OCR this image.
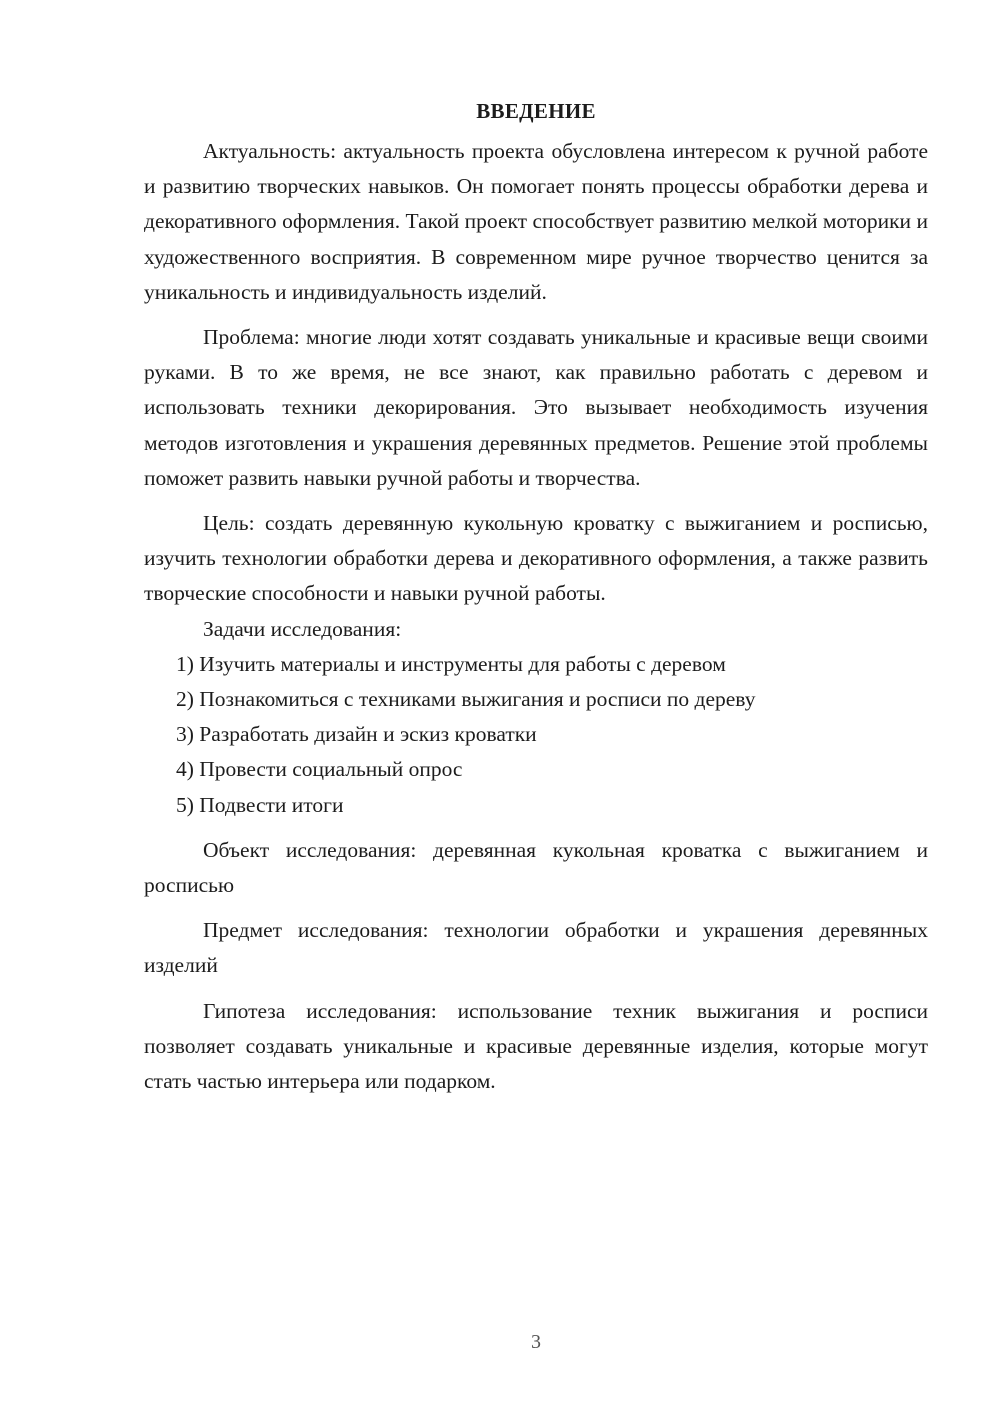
ВВЕДЕНИЕ

Актуальность: актуальность проекта обусловлена интересом к ручной работе и развитию творческих навыков. Он помогает понять процессы обработки дерева и декоративного оформления. Такой проект способствует развитию мелкой моторики и художественного восприятия. В современном мире ручное творчество ценится за уникальность и индивидуальность изделий.

Проблема: многие люди хотят создавать уникальные и красивые вещи своими руками. В то же время, не все знают, как правильно работать с деревом и использовать техники декорирования. Это вызывает необходимость изучения методов изготовления и украшения деревянных предметов. Решение этой проблемы поможет развить навыки ручной работы и творчества.

Цель: создать деревянную кукольную кроватку с выжиганием и росписью, изучить технологии обработки дерева и декоративного оформления, а также развить творческие способности и навыки ручной работы.

Задачи исследования:

1) Изучить материалы и инструменты для работы с деревом

2) Познакомиться с техниками выжигания и росписи по дереву

3) Разработать дизайн и эскиз кроватки

4) Провести социальный опрос

5) Подвести итоги

Объект исследования: деревянная кукольная кроватка с выжиганием и росписью

Предмет исследования: технологии обработки и украшения деревянных изделий

Гипотеза исследования: использование техник выжигания и росписи позволяет создавать уникальные и красивые деревянные изделия, которые могут стать частью интерьера или подарком.

3
